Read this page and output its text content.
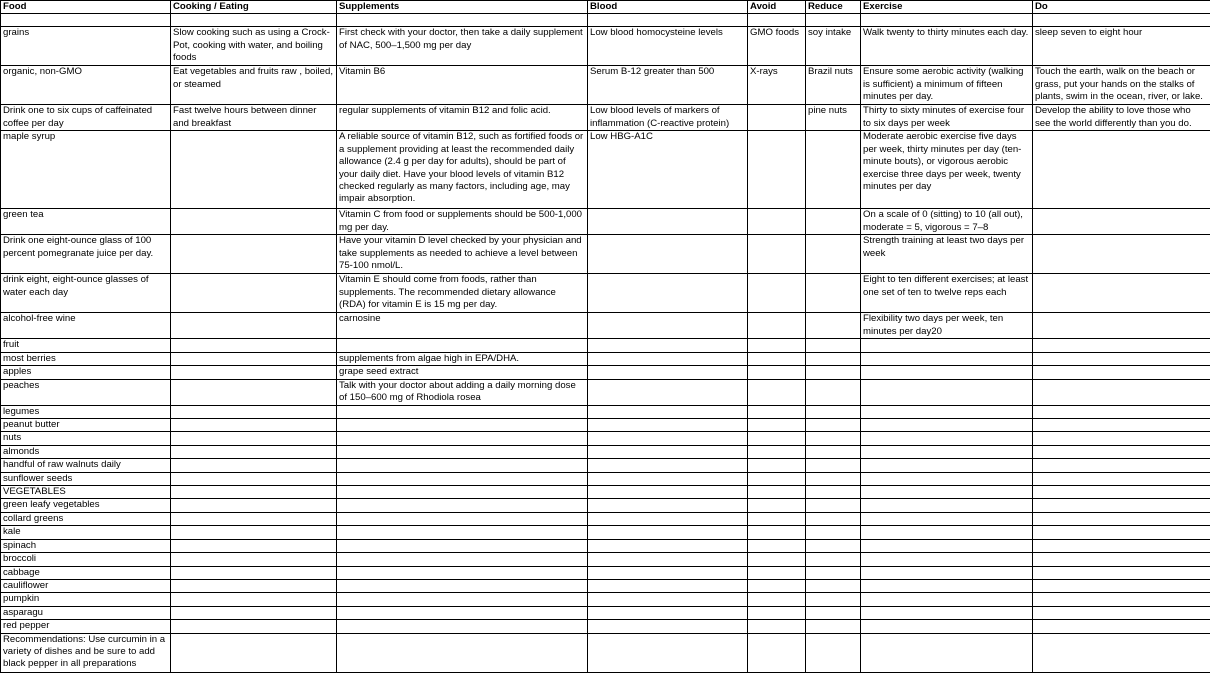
Food	Cooking / Eating	Supplements	Blood	Avoid	Reduce	Exercise	Do

grains	Slow cooking such as using a Crock-Pot, cooking with water, and boiling foods	First check with your doctor, then take a daily supplement of NAC, 500–1,500 mg per day	Low blood homocysteine levels	GMO foods	soy intake	Walk twenty to thirty minutes each day.	sleep seven to eight hour
organic, non-GMO	Eat vegetables and fruits raw , boiled, or steamed	Vitamin B6	Serum B-12 greater than 500	X-rays	Brazil nuts	Ensure some aerobic activity (walking is sufficient) a minimum of fifteen minutes per day.	Touch the earth, walk on the beach or grass, put your hands on the stalks of plants, swim in the ocean, river, or lake.
Drink one to six cups of caffeinated coffee per day	Fast twelve hours between dinner and breakfast	regular supplements of vitamin B12 and folic acid.	Low blood levels of markers of inflammation (C-reactive protein)		pine nuts	Thirty to sixty minutes of exercise four to six days per week	Develop the ability to love those who see the world differently than you do.
maple syrup		A reliable source of vitamin B12, such as fortified foods or a supplement providing at least the recommended daily allowance (2.4 g per day for adults), should be part of your daily diet. Have your blood levels of vitamin B12 checked regularly as many factors, including age, may impair absorption.	Low HBG-A1C			Moderate aerobic exercise five days per week, thirty minutes per day (ten-minute bouts), or vigorous aerobic exercise three days per week, twenty minutes per day	
green tea		Vitamin C from food or supplements should be 500-1,000 mg per day.				On a scale of 0 (sitting) to 10 (all out), moderate = 5, vigorous = 7–8	
Drink one eight-ounce glass of 100 percent pomegranate juice per day.		Have your vitamin D level checked by your physician and take supplements as needed to achieve a level between 75-100 nmol/L.				Strength training at least two days per week	
drink eight, eight-ounce glasses of water each day		Vitamin E should come from foods, rather than supplements. The recommended dietary allowance (RDA) for vitamin E is 15 mg per day.				Eight to ten different exercises; at least one set of ten to twelve reps each	
alcohol-free wine		carnosine				Flexibility two days per week, ten minutes per day20	
fruit							
most berries		supplements from algae high in EPA/DHA.					
apples		grape seed extract					
peaches		Talk with your doctor about adding a daily morning dose of 150–600 mg of Rhodiola rosea					
legumes							
peanut butter							
nuts							
almonds							
handful of raw walnuts daily							
sunflower seeds							
VEGETABLES							
green leafy vegetables							
collard greens							
kale							
spinach							
broccoli							
cabbage							
cauliflower							
pumpkin							
asparagu							
red pepper							
Recommendations: Use curcumin in a variety of dishes and be sure to add black pepper in all preparations							
